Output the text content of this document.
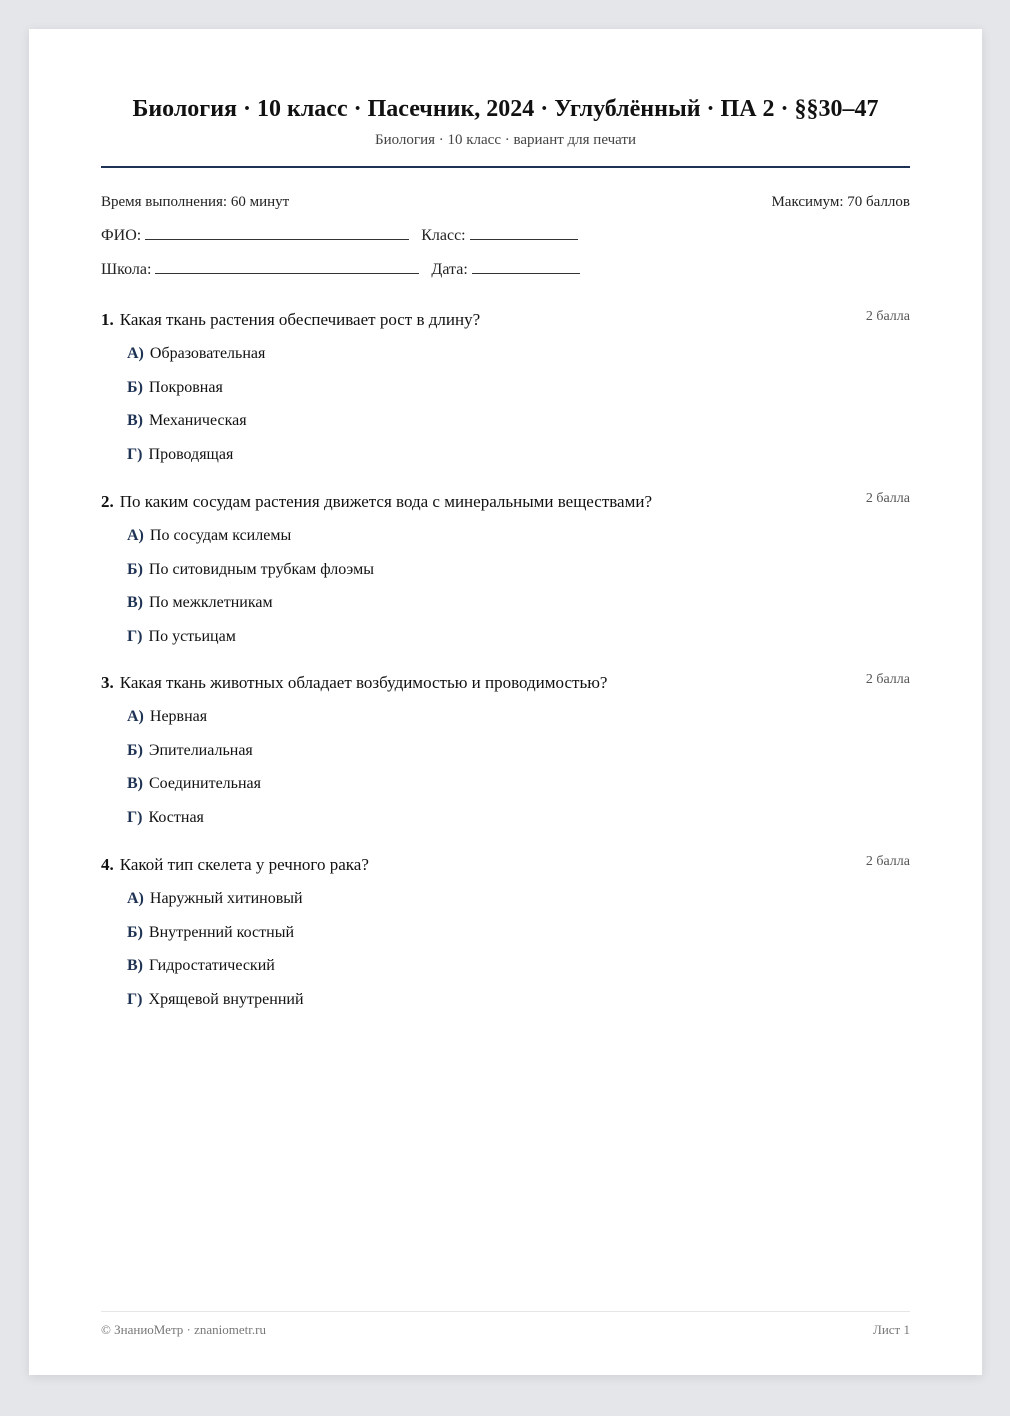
Биология · 10 класс · Пасечник, 2024 · Углублённый · ПА 2 · §§30–47
Биология · 10 класс · вариант для печати
Время выполнения: 60 минут	Максимум: 70 баллов
ФИО:	Класс:
Школа:	Дата:
1. Какая ткань растения обеспечивает рост в длину?	2 балла
А) Образовательная
Б) Покровная
В) Механическая
Г) Проводящая
2. По каким сосудам растения движется вода с минеральными веществами?	2 балла
А) По сосудам ксилемы
Б) По ситовидным трубкам флоэмы
В) По межклетникам
Г) По устьицам
3. Какая ткань животных обладает возбудимостью и проводимостью?	2 балла
А) Нервная
Б) Эпителиальная
В) Соединительная
Г) Костная
4. Какой тип скелета у речного рака?	2 балла
А) Наружный хитиновый
Б) Внутренний костный
В) Гидростатический
Г) Хрящевой внутренний
© ЗнаниоМетр · znaniometr.ru	Лист 1
